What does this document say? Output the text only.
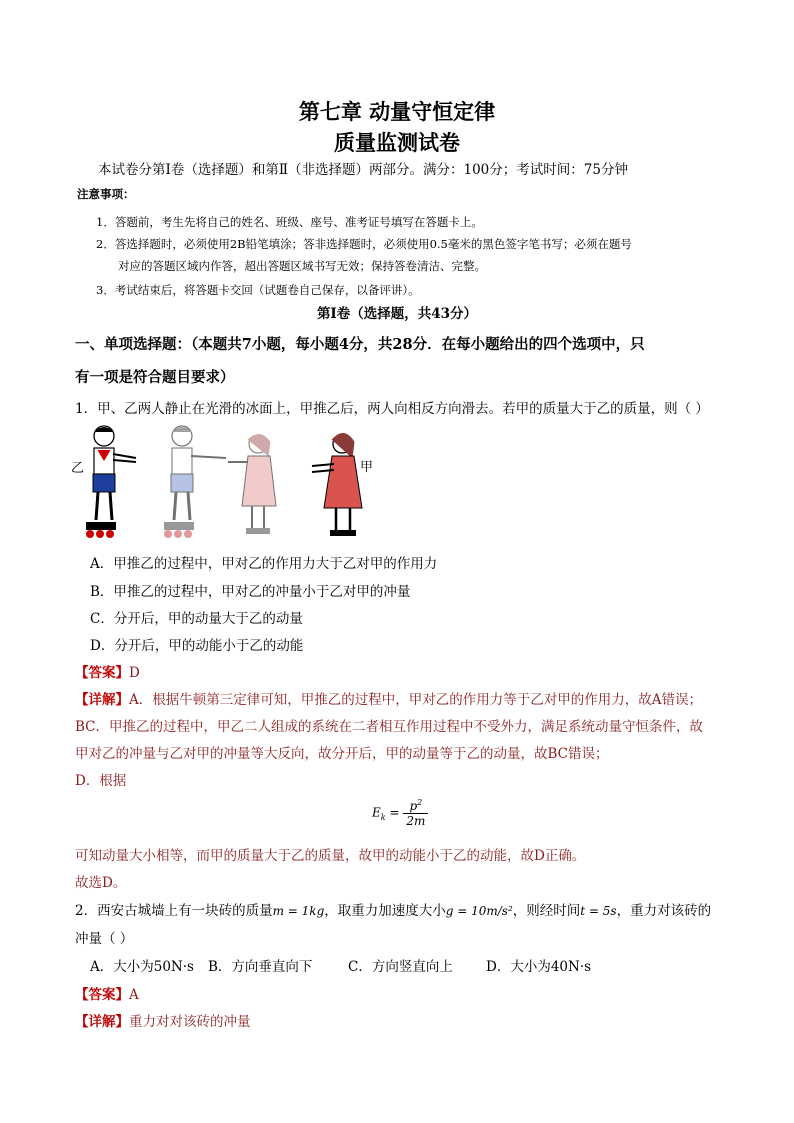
第七章 动量守恒定律
质量监测试卷
本试卷分第Ⅰ卷（选择题）和第Ⅱ（非选择题）两部分。满分：100分；考试时间：75分钟
注意事项：
1．答题前，考生先将自己的姓名、班级、座号、准考证号填写在答题卡上。
2．答选择题时，必须使用2B铅笔填涂；答非选择题时，必须使用0.5毫米的黑色签字笔书写；必须在题号
对应的答题区域内作答，超出答题区域书写无效；保持答卷清洁、完整。
3．考试结束后，将答题卡交回（试题卷自己保存，以备评讲）。
第Ⅰ卷（选择题，共43分）
一、单项选择题：（本题共7小题，每小题4分，共28分．在每小题给出的四个选项中，只
有一项是符合题目要求）
1．甲、乙两人静止在光滑的冰面上，甲推乙后，两人向相反方向滑去。若甲的质量大于乙的质量，则（ ）
乙	甲
A．甲推乙的过程中，甲对乙的作用力大于乙对甲的作用力
B．甲推乙的过程中，甲对乙的冲量小于乙对甲的冲量
C．分开后，甲的动量大于乙的动量
D．分开后，甲的动能小于乙的动能
【答案】D
【详解】A．根据牛顿第三定律可知，甲推乙的过程中，甲对乙的作用力等于乙对甲的作用力，故A错误；
BC．甲推乙的过程中，甲乙二人组成的系统在二者相互作用过程中不受外力，满足系统动量守恒条件，故
甲对乙的冲量与乙对甲的冲量等大反向，故分开后，甲的动量等于乙的动量，故BC错误；
D．根据
$E_k = \frac{p^2}{2m}$
可知动量大小相等，而甲的质量大于乙的质量，故甲的动能小于乙的动能，故D正确。
故选D。
2．西安古城墙上有一块砖的质量m = 1kg，取重力加速度大小g = 10m/s²，则经时间t = 5s，重力对该砖的
冲量（ ）
A．大小为50N·s B．方向垂直向下	C．方向竖直向上 D．大小为40N·s
【答案】A
【详解】重力对对该砖的冲量
